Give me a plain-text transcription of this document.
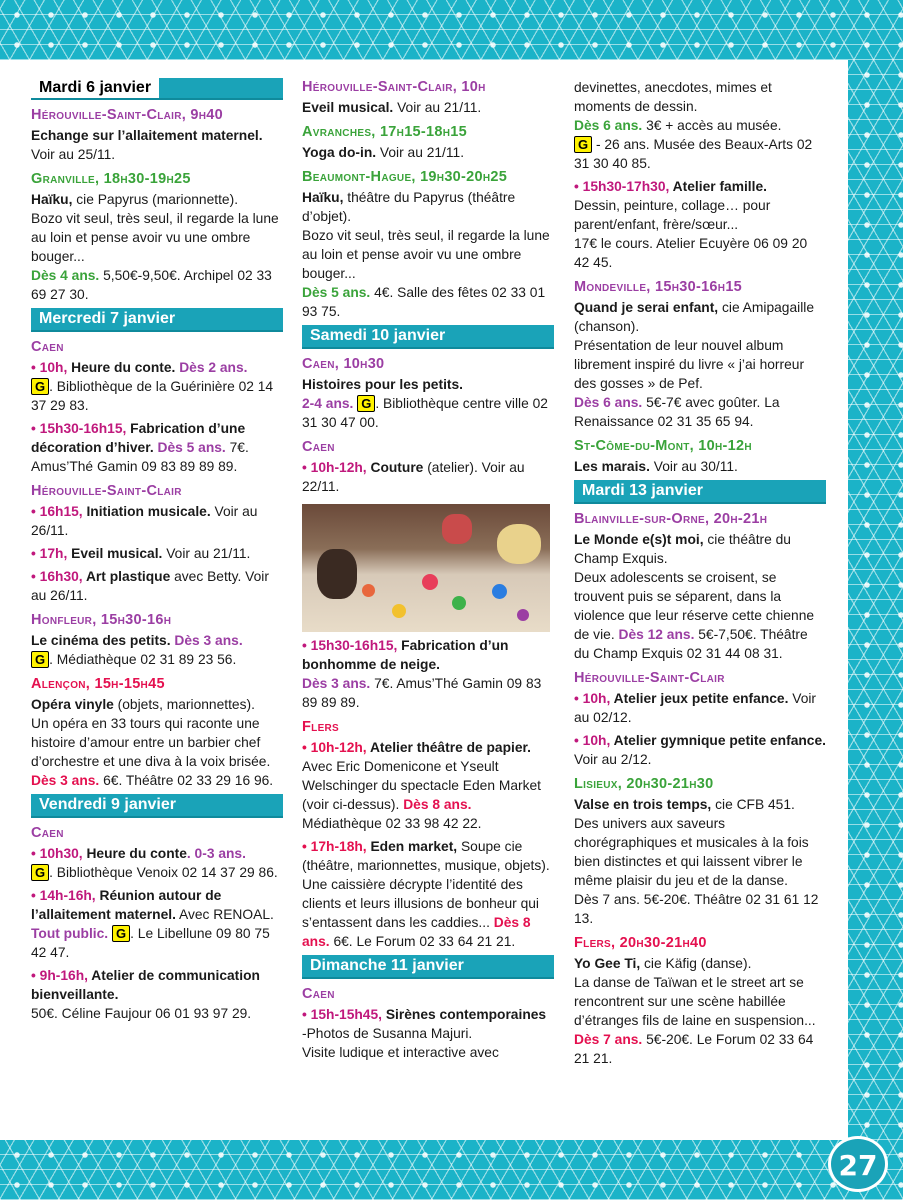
Mardi 6 janvier
Hérouville-Saint-Clair, 9h40
Echange sur l’allaitement maternel. Voir au 25/11.
Granville, 18h30-19h25
Haïku, cie Papyrus (marionnette).
Bozo vit seul, très seul, il regarde la lune au loin et pense avoir vu une ombre bouger...
Dès 4 ans. 5,50€-9,50€. Archipel 02 33 69 27 30.
Mercredi 7 janvier
Caen
• 10h, Heure du conte. Dès 2 ans.
G . Bibliothèque de la Guérinière 02 14 37 29 83.
• 15h30-16h15, Fabrication d’une décoration d’hiver. Dès 5 ans. 7€. Amus’Thé Gamin 09 83 89 89 89.
Hérouville-Saint-Clair
• 16h15, Initiation musicale. Voir au 26/11.
• 17h, Eveil musical. Voir au 21/11.
• 16h30, Art plastique avec Betty. Voir au 26/11.
Honfleur, 15h30-16h
Le cinéma des petits. Dès 3 ans.
G . Médiathèque 02 31 89 23 56.
Alençon, 15h-15h45
Opéra vinyle (objets, marionnettes).
Un opéra en 33 tours qui raconte une histoire d’amour entre un barbier chef d’orchestre et une diva à la voix brisée.
Dès 3 ans. 6€. Théâtre 02 33 29 16 96.
Vendredi 9 janvier
Caen
• 10h30, Heure du conte. 0-3 ans.
G . Bibliothèque Venoix 02 14 37 29 86.
• 14h-16h, Réunion autour de l’allaitement maternel. Avec RENOAL. Tout public. G . Le Libellune 09 80 75 42 47.
• 9h-16h, Atelier de communication bienveillante.
50€. Céline Faujour 06 01 93 97 29.
Hérouville-Saint-Clair, 10h
Eveil musical. Voir au 21/11.
Avranches, 17h15-18h15
Yoga do-in. Voir au 21/11.
Beaumont-Hague, 19h30-20h25
Haïku, théâtre du Papyrus (théâtre d’objet).
Bozo vit seul, très seul, il regarde la lune au loin et pense avoir vu une ombre bouger...
Dès 5 ans. 4€. Salle des fêtes 02 33 01 93 75.
Samedi 10 janvier
Caen, 10h30
Histoires pour les petits.
2-4 ans. G . Bibliothèque centre ville 02 31 30 47 00.
Caen
• 10h-12h, Couture (atelier). Voir au 22/11.
• 15h30-16h15, Fabrication d’un bonhomme de neige.
Dès 3 ans. 7€. Amus’Thé Gamin 09 83 89 89 89.
Flers
• 10h-12h, Atelier théâtre de papier. Avec Eric Domenicone et Yseult Welschinger du spectacle Eden Market (voir ci-dessus). Dès 8 ans. Médiathèque 02 33 98 42 22.
• 17h-18h, Eden market, Soupe cie (théâtre, marionnettes, musique, objets). Une caissière décrypte l’identité des clients et leurs illusions de bonheur qui s’entassent dans les caddies... Dès 8 ans. 6€. Le Forum 02 33 64 21 21.
Dimanche 11 janvier
Caen
• 15h-15h45, Sirènes contemporaines -Photos de Susanna Majuri.
Visite ludique et interactive avec
devinettes, anecdotes, mimes et moments de dessin.
Dès 6 ans. 3€ + accès au musée.
G - 26 ans. Musée des Beaux-Arts 02 31 30 40 85.
• 15h30-17h30, Atelier famille.
Dessin, peinture, collage… pour parent/enfant, frère/sœur...
17€ le cours. Atelier Ecuyère 06 09 20 42 45.
Mondeville, 15h30-16h15
Quand je serai enfant, cie Amipagaille (chanson).
Présentation de leur nouvel album librement inspiré du livre « j’ai horreur des gosses » de Pef.
Dès 6 ans. 5€-7€ avec goûter. La Renaissance 02 31 35 65 94.
St-Côme-du-Mont, 10h-12h
Les marais. Voir au 30/11.
Mardi 13 janvier
Blainville-sur-Orne, 20h-21h
Le Monde e(s)t moi, cie théâtre du Champ Exquis.
Deux adolescents se croisent, se trouvent puis se séparent, dans la violence que leur réserve cette chienne de vie. Dès 12 ans. 5€-7,50€. Théâtre du Champ Exquis 02 31 44 08 31.
Hérouville-Saint-Clair
• 10h, Atelier jeux petite enfance. Voir au 02/12.
• 10h, Atelier gymnique petite enfance. Voir au 2/12.
Lisieux, 20h30-21h30
Valse en trois temps, cie CFB 451.
Des univers aux saveurs chorégraphiques et musicales à la fois bien distinctes et qui laissent vibrer le même plaisir du jeu et de la danse.
Dès 7 ans. 5€-20€. Théâtre 02 31 61 12 13.
Flers, 20h30-21h40
Yo Gee Ti, cie Käfig (danse).
La danse de Taïwan et le street art se rencontrent sur une scène habillée d’étranges fils de laine en suspension...
Dès 7 ans. 5€-20€. Le Forum 02 33 64 21 21.
27
